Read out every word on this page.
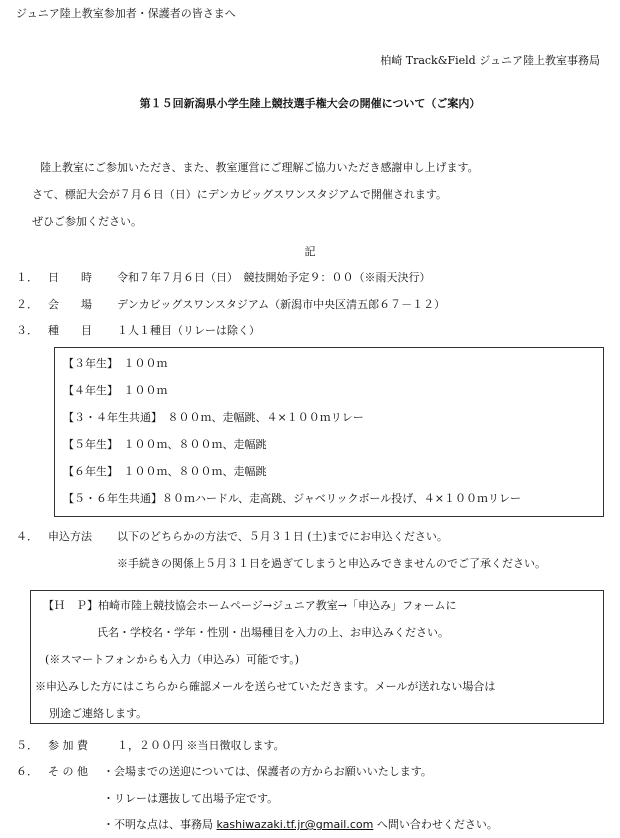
ジュニア陸上教室参加者・保護者の皆さまへ
柏崎 Track&Field ジュニア陸上教室事務局
第１５回新潟県小学生陸上競技選手権大会の開催について（ご案内）
陸上教室にご参加いただき、また、教室運営にご理解ご協力いただき感謝申し上げます。
さて、標記大会が７月６日（日）にデンカビッグスワンスタジアムで開催されます。
ぜひご参加ください。
記
１． 日　　時 令和７年７月６日（日）　競技開始予定９：００（※雨天決行）
２． 会　　場 デンカビッグスワンスタジアム（新潟市中央区清五郎６７－１２）
３． 種　　目 １人１種目（リレーは除く）
【３年生】　１００ｍ
【４年生】　１００ｍ
【３・４年生共通】　８００ｍ、走幅跳、４×１００ｍリレー
【５年生】　１００ｍ、８００ｍ、走幅跳
【６年生】　１００ｍ、８００ｍ、走幅跳
【５・６年生共通】８０ｍハードル、走高跳、ジャベリックボール投げ、４×１００ｍリレー
４． 申込方法 以下のどちらかの方法で、５月３１日 (土)までにお申込ください。
※手続きの関係上５月３１日を過ぎてしまうと申込みできませんのでご了承ください。
【Ｈ　Ｐ】柏崎市陸上競技協会ホームページ→ジュニア教室→「申込み」フォームに
氏名・学校名・学年・性別・出場種目を入力の上、お申込みください。
(※スマートフォンからも入力（申込み）可能です。)
※申込みした方にはこちらから確認メールを送らせていただきます。メールが送れない場合は
別途ご連絡します。
５． 参 加 費	１，２００円 ※当日徴収します。
６． そ の 他 ・会場までの送迎については、保護者の方からお願いいたします。
・リレーは選抜して出場予定です。
・不明な点は、事務局 kashiwazaki.tf.jr@gmail.com へ問い合わせください。
